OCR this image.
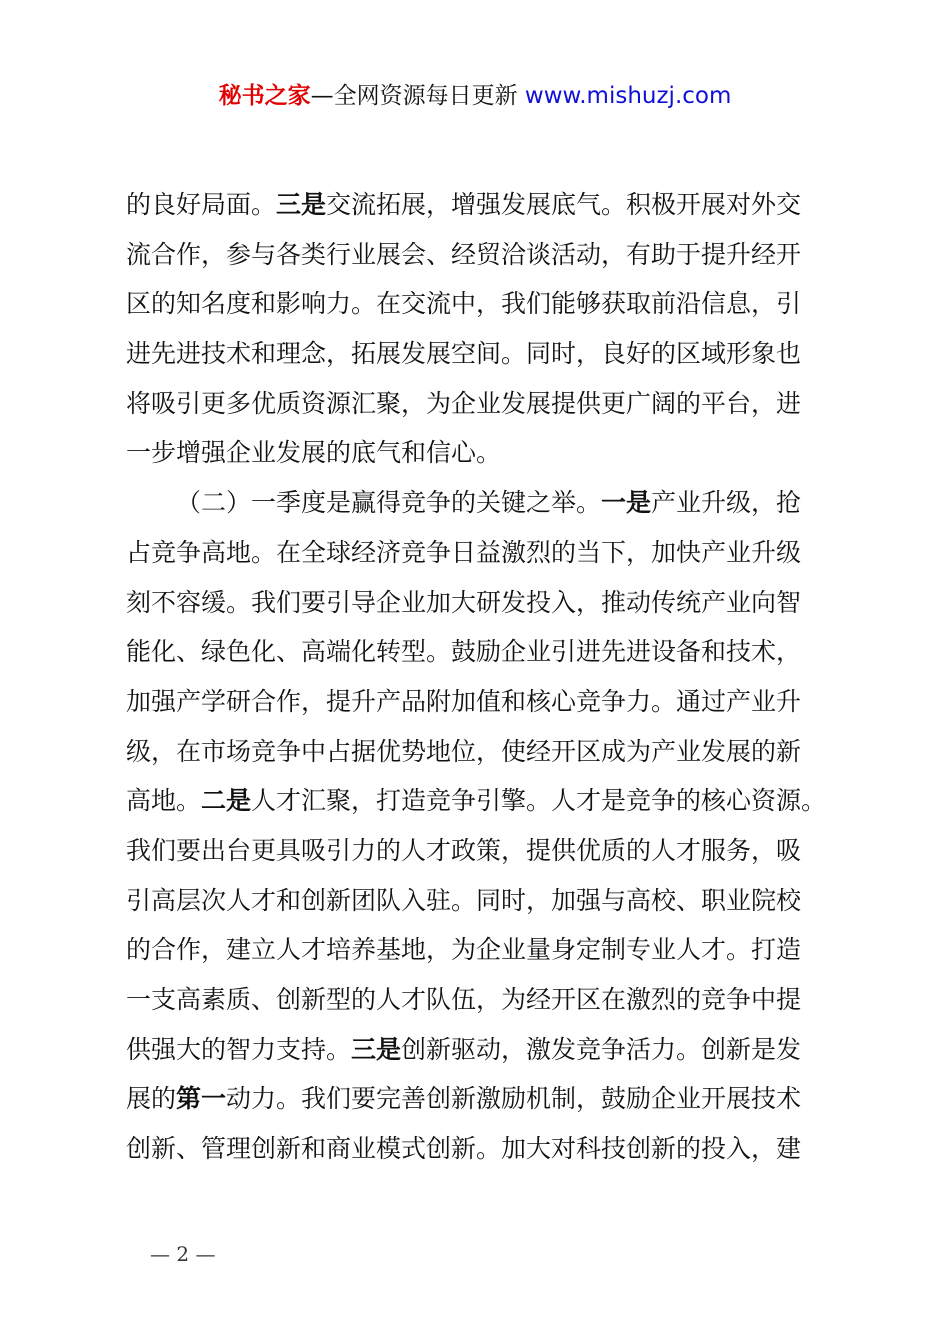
秘书之家—全网资源每日更新 www.mishuzj.com
的良好局面。三是交流拓展，增强发展底气。积极开展对外交
流合作，参与各类行业展会、经贸洽谈活动，有助于提升经开
区的知名度和影响力。在交流中，我们能够获取前沿信息，引
进先进技术和理念，拓展发展空间。同时，良好的区域形象也
将吸引更多优质资源汇聚，为企业发展提供更广阔的平台，进
一步增强企业发展的底气和信心。
（二）一季度是赢得竞争的关键之举。一是产业升级，抢
占竞争高地。在全球经济竞争日益激烈的当下，加快产业升级
刻不容缓。我们要引导企业加大研发投入，推动传统产业向智
能化、绿色化、高端化转型。鼓励企业引进先进设备和技术，
加强产学研合作，提升产品附加值和核心竞争力。通过产业升
级，在市场竞争中占据优势地位，使经开区成为产业发展的新
高地。二是人才汇聚，打造竞争引擎。人才是竞争的核心资源。
我们要出台更具吸引力的人才政策，提供优质的人才服务，吸
引高层次人才和创新团队入驻。同时，加强与高校、职业院校
的合作，建立人才培养基地，为企业量身定制专业人才。打造
一支高素质、创新型的人才队伍，为经开区在激烈的竞争中提
供强大的智力支持。三是创新驱动，激发竞争活力。创新是发
展的第一动力。我们要完善创新激励机制，鼓励企业开展技术
创新、管理创新和商业模式创新。加大对科技创新的投入，建
— 2 —
